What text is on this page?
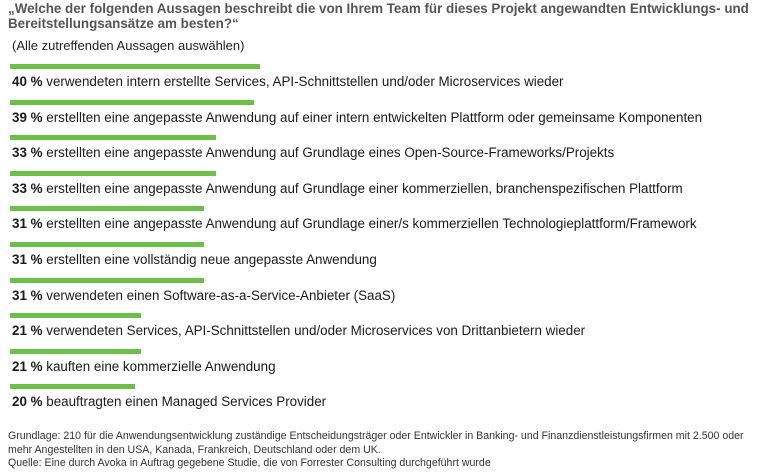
„Welche der folgenden Aussagen beschreibt die von Ihrem Team für dieses Projekt angewandten Entwicklungs- und Bereitstellungsansätze am besten?“
(Alle zutreffenden Aussagen auswählen)
40 % verwendeten intern erstellte Services, API-Schnittstellen und/oder Microservices wieder
39 % erstellten eine angepasste Anwendung auf einer intern entwickelten Plattform oder gemeinsame Komponenten
33 % erstellten eine angepasste Anwendung auf Grundlage eines Open-Source-Frameworks/Projekts
33 % erstellten eine angepasste Anwendung auf Grundlage einer kommerziellen, branchenspezifischen Plattform
31 % erstellten eine angepasste Anwendung auf Grundlage einer/s kommerziellen Technologieplattform/Framework
31 % erstellten eine vollständig neue angepasste Anwendung
31 % verwendeten einen Software-as-a-Service-Anbieter (SaaS)
21 % verwendeten Services, API-Schnittstellen und/oder Microservices von Drittanbietern wieder
21 % kauften eine kommerzielle Anwendung
20 % beauftragten einen Managed Services Provider
Grundlage: 210 für die Anwendungsentwicklung zuständige Entscheidungsträger oder Entwickler in Banking- und Finanzdienstleistungsfirmen mit 2.500 oder mehr Angestellten in den USA, Kanada, Frankreich, Deutschland oder dem UK.
Quelle: Eine durch Avoka in Auftrag gegebene Studie, die von Forrester Consulting durchgeführt wurde
